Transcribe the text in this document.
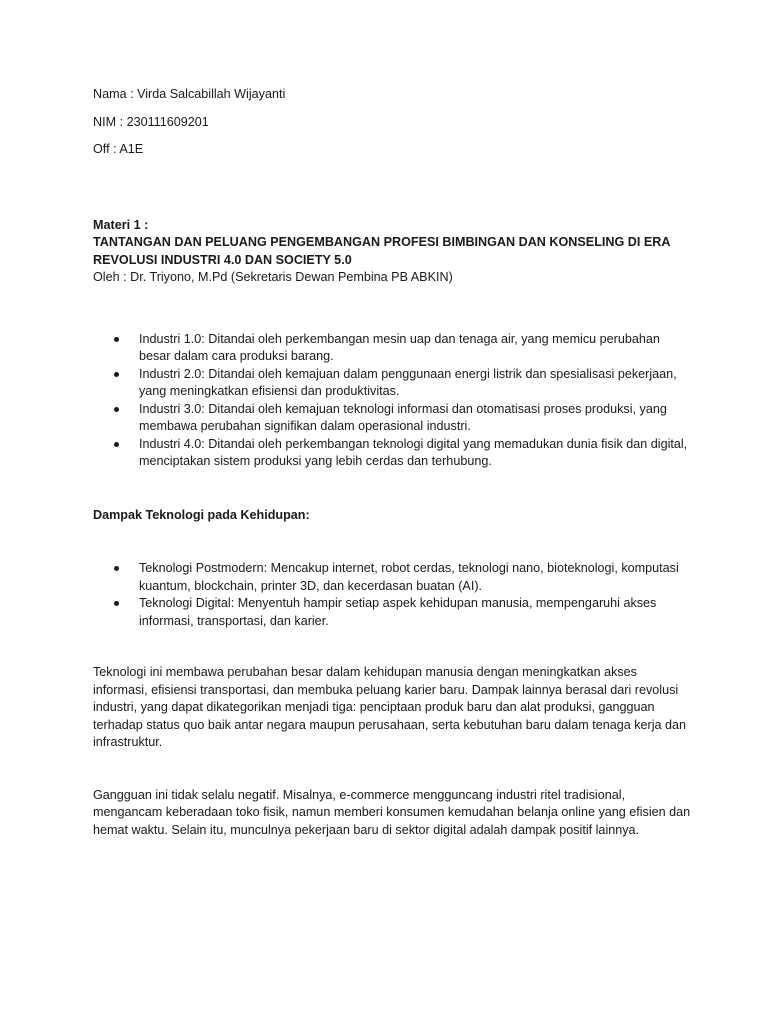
Nama : Virda Salcabillah Wijayanti

NIM : 230111609201

Off : A1E

Materi 1 :

TANTANGAN DAN PELUANG PENGEMBANGAN PROFESI BIMBINGAN DAN KONSELING DI ERA REVOLUSI INDUSTRI 4.0 DAN SOCIETY 5.0

Oleh : Dr. Triyono, M.Pd (Sekretaris Dewan Pembina PB ABKIN)

Industri 1.0: Ditandai oleh perkembangan mesin uap dan tenaga air, yang memicu perubahan besar dalam cara produksi barang.
Industri 2.0: Ditandai oleh kemajuan dalam penggunaan energi listrik dan spesialisasi pekerjaan, yang meningkatkan efisiensi dan produktivitas.
Industri 3.0: Ditandai oleh kemajuan teknologi informasi dan otomatisasi proses produksi, yang membawa perubahan signifikan dalam operasional industri.
Industri 4.0: Ditandai oleh perkembangan teknologi digital yang memadukan dunia fisik dan digital, menciptakan sistem produksi yang lebih cerdas dan terhubung.

Dampak Teknologi pada Kehidupan:

Teknologi Postmodern: Mencakup internet, robot cerdas, teknologi nano, bioteknologi, komputasi kuantum, blockchain, printer 3D, dan kecerdasan buatan (AI).
Teknologi Digital: Menyentuh hampir setiap aspek kehidupan manusia, mempengaruhi akses informasi, transportasi, dan karier.

Teknologi ini membawa perubahan besar dalam kehidupan manusia dengan meningkatkan akses informasi, efisiensi transportasi, dan membuka peluang karier baru. Dampak lainnya berasal dari revolusi industri, yang dapat dikategorikan menjadi tiga: penciptaan produk baru dan alat produksi, gangguan terhadap status quo baik antar negara maupun perusahaan, serta kebutuhan baru dalam tenaga kerja dan infrastruktur.

Gangguan ini tidak selalu negatif. Misalnya, e-commerce mengguncang industri ritel tradisional, mengancam keberadaan toko fisik, namun memberi konsumen kemudahan belanja online yang efisien dan hemat waktu. Selain itu, munculnya pekerjaan baru di sektor digital adalah dampak positif lainnya.
